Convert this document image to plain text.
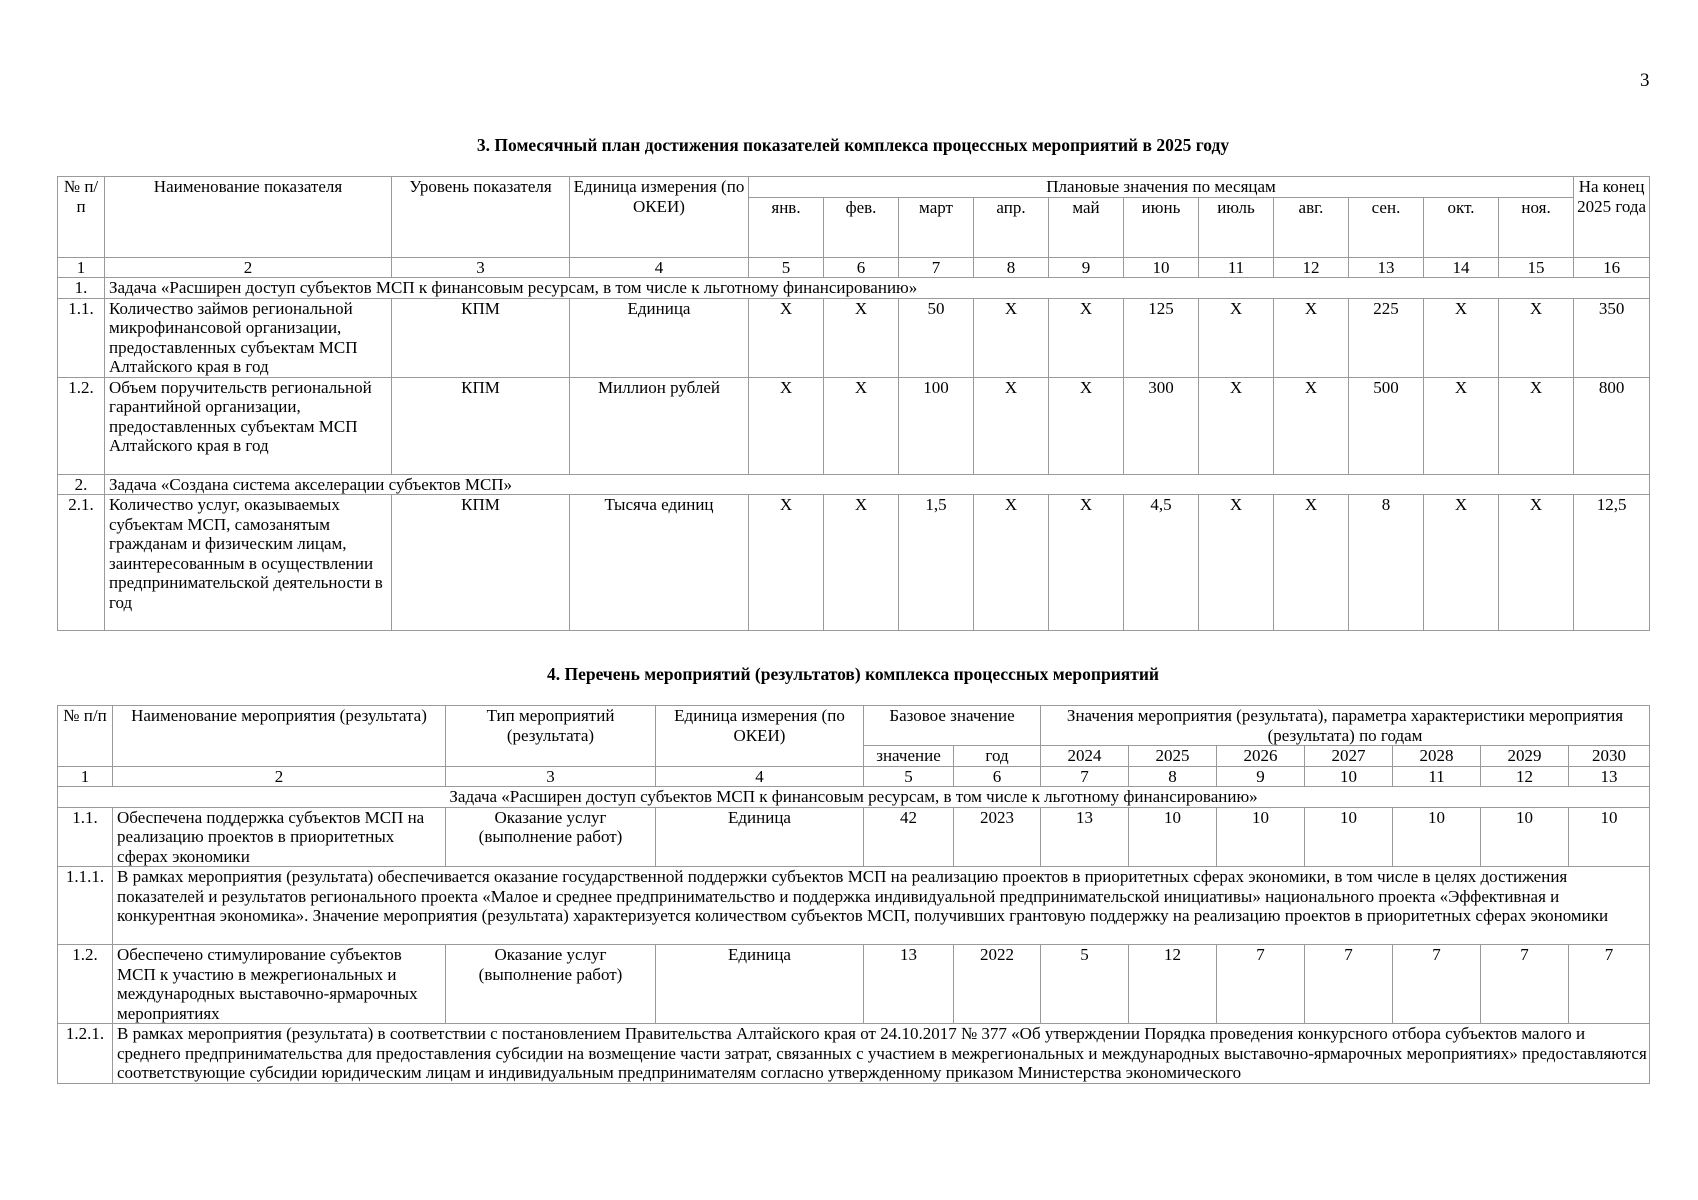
3
3. Помесячный план достижения показателей комплекса процессных мероприятий в 2025 году
№ п/п	Наименование показателя	Уровень показателя	Единица измерения (по ОКЕИ)	Плановые значения по месяцам											На конец 2025 года
				янв.	фев.	март	апр.	май	июнь	июль	авг.	сен.	окт.	ноя.	
1	2	3	4	5	6	7	8	9	10	11	12	13	14	15	16
1.	Задача «Расширен доступ субъектов МСП к финансовым ресурсам, в том числе к льготному финансированию»														
1.1.	Количество займов региональной микрофинансовой организации, предоставленных субъектам МСП Алтайского края в год	КПМ	Единица	X	X	50	X	X	125	X	X	225	X	X	350
1.2.	Объем поручительств региональной гарантийной организации, предоставленных субъектам МСП Алтайского края в год	КПМ	Миллион рублей	X	X	100	X	X	300	X	X	500	X	X	800
2.	Задача «Создана система акселерации субъектов МСП»														
2.1.	Количество услуг, оказываемых субъектам МСП, самозанятым гражданам и физическим лицам, заинтересованным в осуществлении предпринимательской деятельности в год	КПМ	Тысяча единиц	X	X	1,5	X	X	4,5	X	X	8	X	X	12,5
4. Перечень мероприятий (результатов) комплекса процессных мероприятий
№ п/п	Наименование мероприятия (результата)	Тип мероприятий (результата)	Единица измерения (по ОКЕИ)	Базовое значение		Значения мероприятия (результата), параметра характеристики мероприятия (результата) по годам						
				значение	год	2024	2025	2026	2027	2028	2029	2030
1	2	3	4	5	6	7	8	9	10	11	12	13
Задача «Расширен доступ субъектов МСП к финансовым ресурсам, в том числе к льготному финансированию»												
1.1.	Обеспечена поддержка субъектов МСП на реализацию проектов в приоритетных сферах экономики	Оказание услуг (выполнение работ)	Единица	42	2023	13	10	10	10	10	10	10
1.1.1.	В рамках мероприятия (результата) обеспечивается оказание государственной поддержки субъектов МСП на реализацию проектов в приоритетных сферах экономики, в том числе в целях достижения показателей и результатов регионального проекта «Малое и среднее предпринимательство и поддержка индивидуальной предпринимательской инициативы» национального проекта «Эффективная и конкурентная экономика». Значение мероприятия (результата) характеризуется количеством субъектов МСП, получивших грантовую поддержку на реализацию проектов в приоритетных сферах экономики											
1.2.	Обеспечено стимулирование субъектов МСП к участию в межрегиональных и международных выставочно-ярмарочных мероприятиях	Оказание услуг (выполнение работ)	Единица	13	2022	5	12	7	7	7	7	7
1.2.1.	В рамках мероприятия (результата) в соответствии с постановлением Правительства Алтайского края от 24.10.2017 № 377 «Об утверждении Порядка проведения конкурсного отбора субъектов малого и среднего предпринимательства для предоставления субсидии на возмещение части затрат, связанных с участием в межрегиональных и международных выставочно-ярмарочных мероприятиях» предоставляются соответствующие субсидии юридическим лицам и индивидуальным предпринимателям согласно утвержденному приказом Министерства экономического											
